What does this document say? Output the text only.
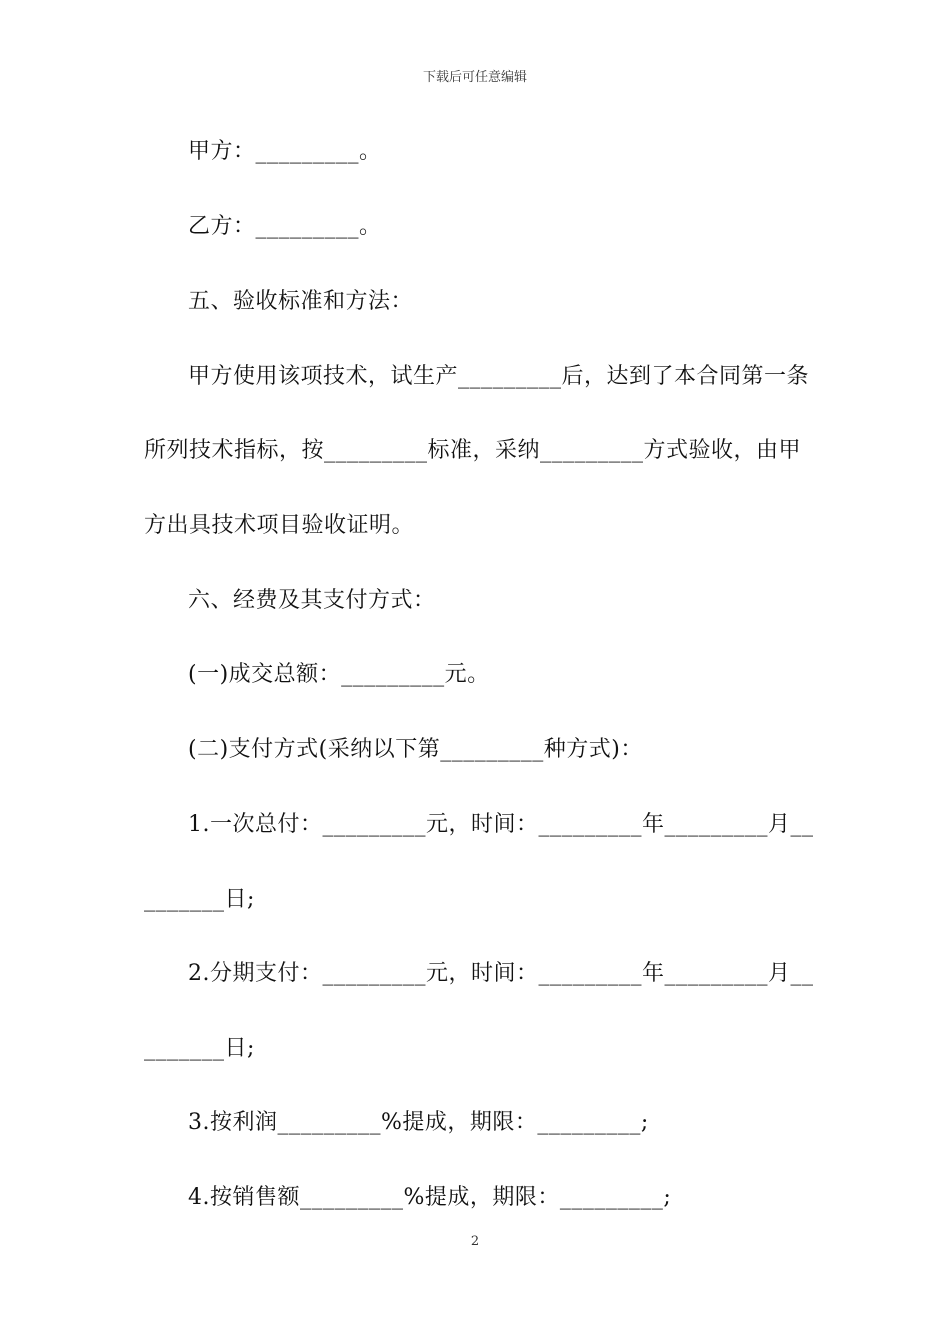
下载后可任意编辑
甲方：_________。
乙方：_________。
五、验收标准和方法：
甲方使用该项技术，试生产_________后，达到了本合同第一条
所列技术指标，按_________标准，采纳_________方式验收，由甲
方出具技术项目验收证明。
六、经费及其支付方式：
(一)成交总额：_________元。
(二)支付方式(采纳以下第_________种方式)：
1.一次总付：_________元，时间：_________年_________月__
_______日;
2.分期支付：_________元，时间：_________年_________月__
_______日;
3.按利润_________%提成，期限：_________;
4.按销售额_________%提成，期限：_________;
2
